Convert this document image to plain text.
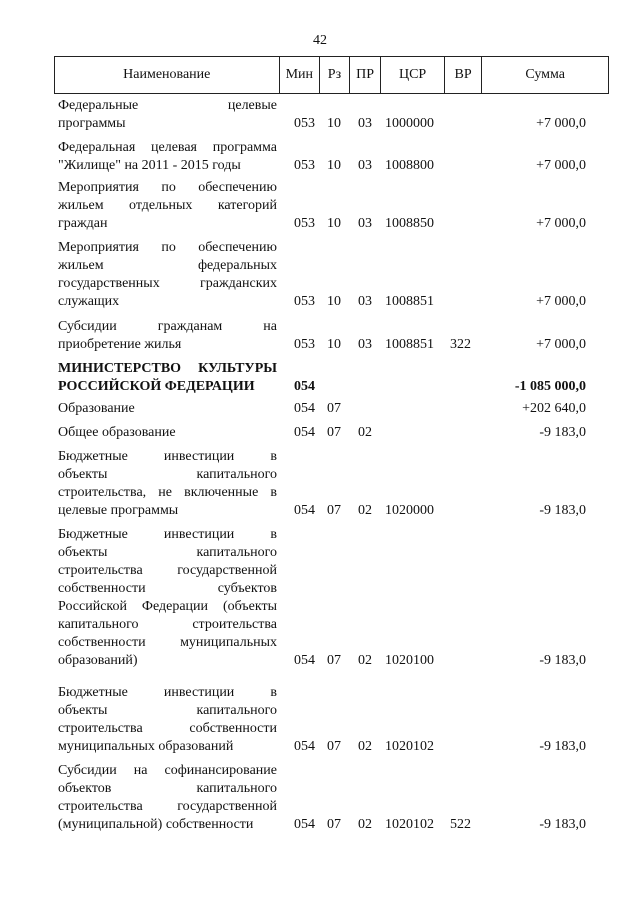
42
Наименование	Мин	Рз	ПР	ЦСР	ВР	Сумма
Федеральные целевые
программы	053 10 03 1000000	+7 000,0
Федеральная целевая программа
"Жилище" на 2011 - 2015 годы	053 10 03 1008800	+7 000,0
Мероприятия по обеспечению
жильем отдельных категорий
граждан	053 10 03 1008850	+7 000,0
Мероприятия по обеспечению
жильем федеральных
государственных гражданских
служащих	053 10 03 1008851	+7 000,0
Субсидии гражданам на
приобретение жилья	053 10 03 1008851 322	+7 000,0
МИНИСТЕРСТВО КУЛЬТУРЫ
РОССИЙСКОЙ ФЕДЕРАЦИИ	054	-1 085 000,0
Образование	054 07	+202 640,0
Общее образование	054 07 02	-9 183,0
Бюджетные инвестиции в
объекты капитального
строительства, не включенные в
целевые программы	054 07 02 1020000	-9 183,0
Бюджетные инвестиции в
объекты капитального
строительства государственной
собственности субъектов
Российской Федерации (объекты
капитального строительства
собственности муниципальных
образований)	054 07 02 1020100	-9 183,0
Бюджетные инвестиции в
объекты капитального
строительства собственности
муниципальных образований	054 07 02 1020102	-9 183,0
Субсидии на софинансирование
объектов капитального
строительства государственной
(муниципальной) собственности	054 07 02 1020102 522	-9 183,0
